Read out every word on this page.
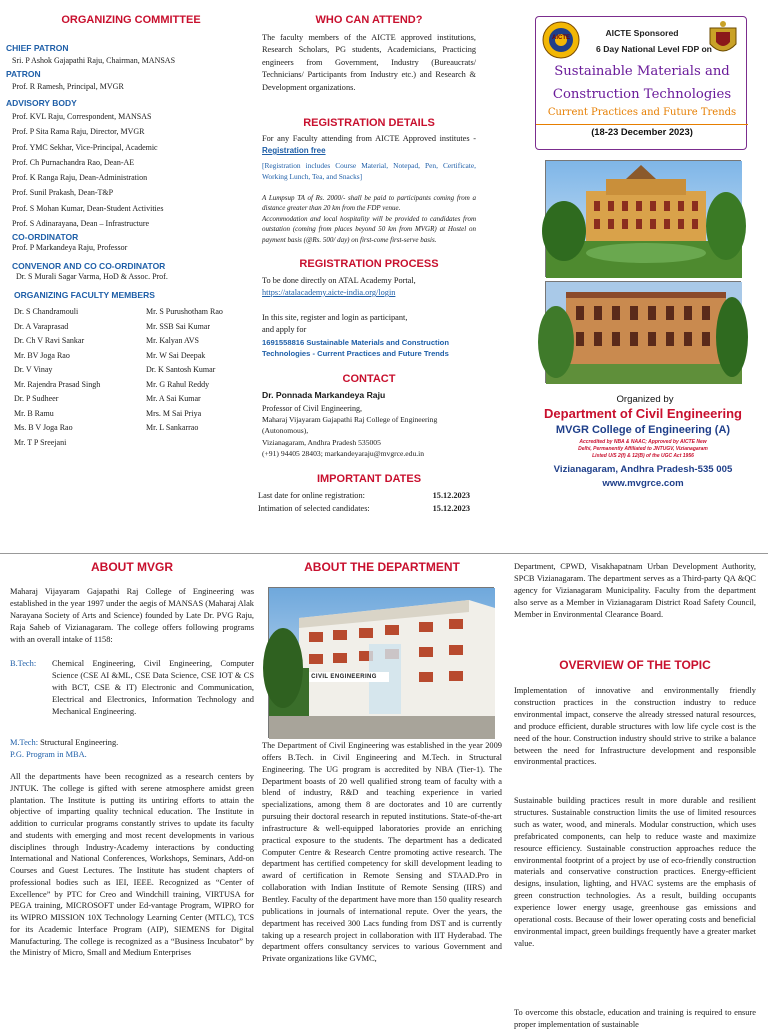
ORGANIZING COMMITTEE
CHIEF PATRON
Sri. P Ashok Gajapathi Raju, Chairman, MANSAS
PATRON
Prof. R Ramesh, Principal, MVGR
ADVISORY BODY
Prof. KVL Raju, Correspondent, MANSAS
Prof. P Sita Rama Raju, Director, MVGR
Prof. YMC Sekhar, Vice-Principal, Academic
Prof. Ch Purnachandra Rao, Dean-AE
Prof. K Ranga Raju, Dean-Administration
Prof. Sunil Prakash, Dean-T&P
Prof. S Mohan Kumar, Dean-Student Activities
Prof. S Adinarayana, Dean – Infrastructure
CO-ORDINATOR
Prof. P Markandeya Raju, Professor
CONVENOR AND CO CO-ORDINATOR
Dr. S Murali Sagar Varma, HoD & Assoc. Prof.
ORGANIZING FACULTY MEMBERS
Dr. S Chandramouli
Dr. A Varaprasad
Dr. Ch V Ravi Sankar
Mr. BV Joga Rao
Dr. V Vinay
Mr. Rajendra Prasad Singh
Dr. P Sudheer
Mr. B Ramu
Ms. B V Joga Rao
Mr. T P Sreejani
Mr. S Purushotham Rao
Mr. SSB Sai Kumar
Mr. Kalyan AVS
Mr. W Sai Deepak
Dr. K Santosh Kumar
Mr. G Rahul Reddy
Mr. A Sai Kumar
Mrs. M Sai Priya
Mr. L Sankarrao
WHO CAN ATTEND?
The faculty members of the AICTE approved institutions, Research Scholars, PG students, Academicians, Practicing engineers from Government, Industry (Bureaucrats/ Technicians/ Participants from Industry etc.) and Research & Development organizations.
REGISTRATION DETAILS
For any Faculty attending from AICTE Approved institutes - Registration free
[Registration includes Course Material, Notepad, Pen, Certificate, Working Lunch, Tea, and Snacks]
A Lumpsup TA of Rs. 2000/- shall be paid to participants coming from a distance greater than 20 km from the FDP venue.
Accommodation and local hospitality will be provided to candidates from outstation (coming from places beyond 50 km from MVGR) at Hostel on payment basis (@Rs. 500/ day) on first-come first-serve basis.
REGISTRATION PROCESS
To be done directly on ATAL Academy Portal,
https://atalacademy.aicte-india.org/login
In this site, register and login as participant,
and apply for
1691558816 Sustainable Materials and Construction Technologies - Current Practices and Future Trends
CONTACT
Dr. Ponnada Markandeya Raju
Professor of Civil Engineering,
Maharaj Vijayaram Gajapathi Raj College of Engineering (Autonomous),
Vizianagaram, Andhra Pradesh 535005
(+91) 94405 28403; markandeyaraju@mvgrce.edu.in
IMPORTANT DATES
Last date for online registration:	15.12.2023
Intimation of selected candidates:	15.12.2023
AICTE	AICTE Sponsored
6 Day National Level FDP on
Sustainable Materials and Construction Technologies
Current Practices and Future Trends
(18-23 December 2023)
Organized by
Department of Civil Engineering
MVGR College of Engineering (A)
Accredited by NBA & NAAC; Approved by AICTE New Delhi, Permanently Affiliated to JNTUGV, Vizianagaram Listed U/S 2(f) & 12(B) of the UGC Act 1956
Vizianagaram, Andhra Pradesh-535 005
www.mvgrce.com
ABOUT MVGR
Maharaj Vijayaram Gajapathi Raj College of Engineering was established in the year 1997 under the aegis of MANSAS (Maharaj Alak Narayana Society of Arts and Science) founded by Late Dr. PVG Raju, Raja Saheb of Vizianagaram. The college offers following programs with an overall intake of 1158:
B.Tech:	Chemical Engineering, Civil Engineering, Computer Science (CSE AI &ML, CSE Data Science, CSE IOT & CS with BCT, CSE & IT) Electronic and Communication, Electrical and Electronics, Information Technology and Mechanical Engineering.
M.Tech: Structural Engineering.
P.G. Program in MBA.
All the departments have been recognized as a research centers by JNTUK. The college is gifted with serene atmosphere amidst green plantation. The Institute is putting its untiring efforts to attain the objective of imparting quality technical education. The Institute in addition to curricular programs constantly strives to update its faculty and students with emerging and most recent developments in various disciplines through Industry-Academy interactions by conducting International and National Conferences, Workshops, Seminars, Add-on Courses and Guest Lectures. The Institute has student chapters of professional bodies such as IEI, IEEE. Recognized as “Center of Excellence” by PTC for Creo and Windchill training, VIRTUSA for PEGA training, MICROSOFT under Ed-vantage Program, WIPRO for its WIPRO MISSION 10X Technology Learning Center (MTLC), TCS for its Academic Interface Program (AIP), SIEMENS for Digital Manufacturing. The college is recognized as a “Business Incubator” by the Ministry of Micro, Small and Medium Enterprises
ABOUT THE DEPARTMENT
CIVIL ENGINEERING
The Department of Civil Engineering was established in the year 2009 offers B.Tech. in Civil Engineering and M.Tech. in Structural Engineering. The UG program is accredited by NBA (Tier-1). The Department boasts of 20 well qualified strong team of faculty with a blend of industry, R&D and teaching experience in varied specializations, among them 8 are doctorates and 10 are currently pursuing their doctoral research in reputed institutions. State-of-the-art infrastructure & well-equipped laboratories provide an enriching practical exposure to the students. The department has a dedicated Computer Centre & Research Centre promoting active research. The department has certified competency for skill development leading to award of certification in Remote Sensing and STAAD.Pro in collaboration with Indian Institute of Remote Sensing (IIRS) and Bentley. Faculty of the department have more than 150 quality research publications in journals of international repute. Over the years, the department has received 300 Lacs funding from DST and is currently taking up a research project in collaboration with IIT Hyderabad. The department offers consultancy services to various Government and Private organizations like GVMC,
Department, CPWD, Visakhapatnam Urban Development Authority, SPCB Vizianagaram. The department serves as a Third-party QA &QC agency for Vizianagaram Municipality. Faculty from the department also serve as a Member in Vizianagaram District Road Safety Council, Member in Environmental Clearance Board.
OVERVIEW OF THE TOPIC
Implementation of innovative and environmentally friendly construction practices in the construction industry to reduce environmental impact, conserve the already stressed natural resources, and produce efficient, durable structures with low life cycle cost is the need of the hour. Construction industry should strive to strike a balance between the need for Infrastructure development and responsible environmental practices.
Sustainable building practices result in more durable and resilient structures. Sustainable construction limits the use of limited resources such as water, wood, and minerals. Modular construction, which uses prefabricated components, can help to reduce waste and maximize resource efficiency. Sustainable construction approaches reduce the environmental footprint of a project by use of eco-friendly construction materials and conservative construction practices. Energy-efficient designs, insulation, lighting, and HVAC systems are the emphasis of green construction technologies. As a result, building occupants experience lower energy usage, greenhouse gas emissions and operational costs. Because of their lower operating costs and beneficial environmental impact, green buildings frequently have a greater market value.
To overcome this obstacle, education and training is required to ensure proper implementation of sustainable
